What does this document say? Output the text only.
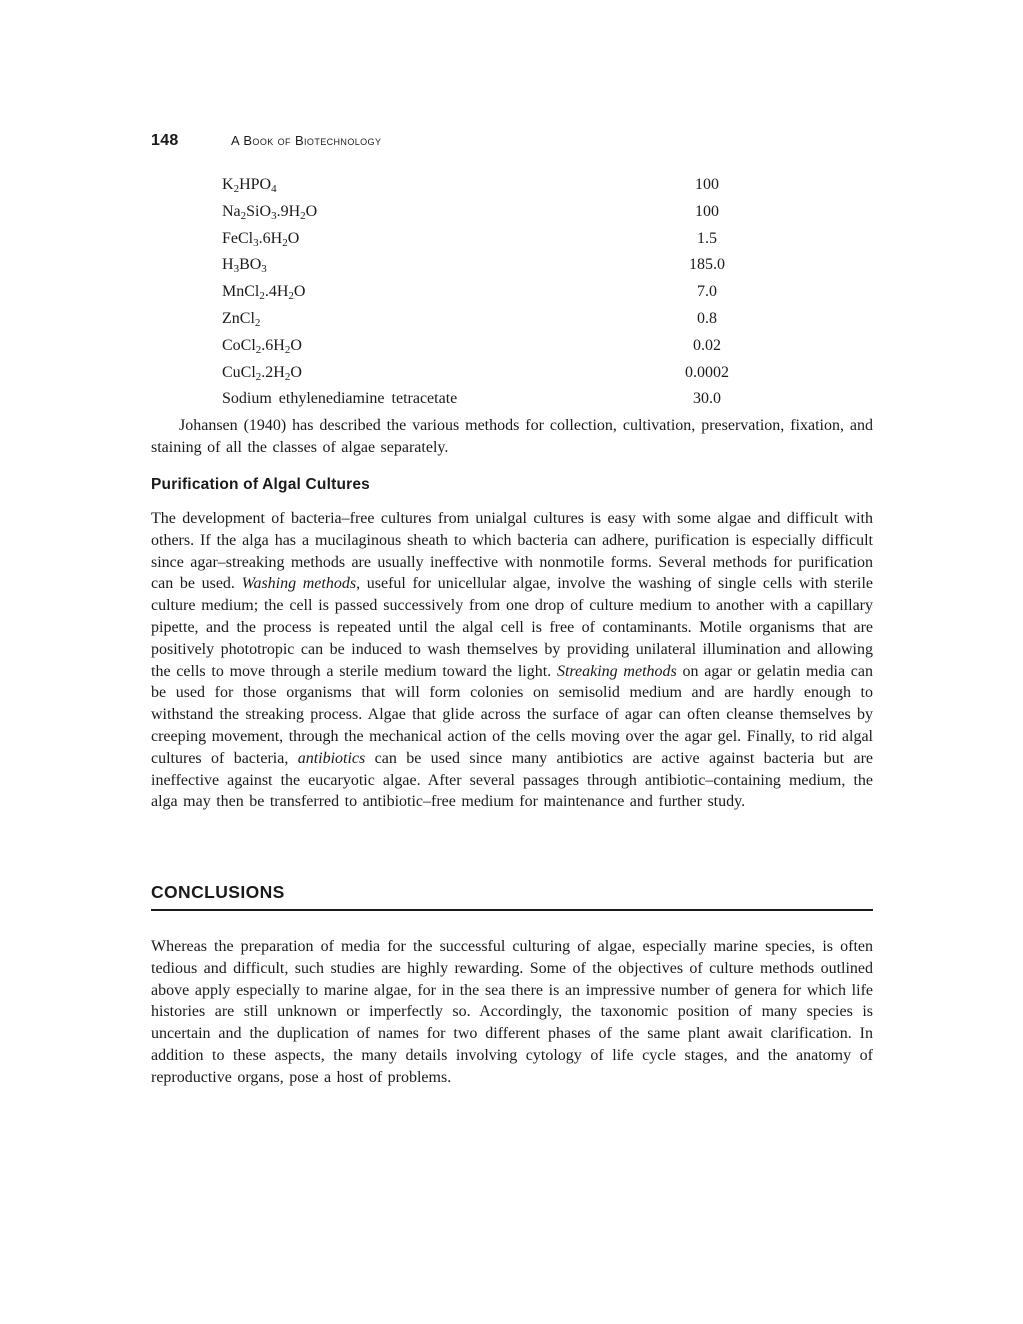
148	A Book of Biotechnology
$K_2HPO_4$	100
$Na_2SiO_3.9H_2O$	100
$FeCl_3.6H_2O$	1.5
$H_3BO_3$	185.0
$MnCl_2.4H_2O$	7.0
ZnCl$_2$	0.8
$CoCl_2.6H_2O$	0.02
$CuCl_2.2H_2O$	0.0002
Sodium ethylenediamine tetracetate	30.0

Johansen (1940) has described the various methods for collection, cultivation, preservation, fixation, and staining of all the classes of algae separately.

Purification of Algal Cultures

The development of bacteria–free cultures from unialgal cultures is easy with some algae and difficult with others. If the alga has a mucilaginous sheath to which bacteria can adhere, purification is especially difficult since agar–streaking methods are usually ineffective with nonmotile forms. Several methods for purification can be used. Washing methods, useful for unicellular algae, involve the washing of single cells with sterile culture medium; the cell is passed successively from one drop of culture medium to another with a capillary pipette, and the process is repeated until the algal cell is free of contaminants. Motile organisms that are positively phototropic can be induced to wash themselves by providing unilateral illumination and allowing the cells to move through a sterile medium toward the light. Streaking methods on agar or gelatin media can be used for those organisms that will form colonies on semisolid medium and are hardly enough to withstand the streaking process. Algae that glide across the surface of agar can often cleanse themselves by creeping movement, through the mechanical action of the cells moving over the agar gel. Finally, to rid algal cultures of bacteria, antibiotics can be used since many antibiotics are active against bacteria but are ineffective against the eucaryotic algae. After several passages through antibiotic–containing medium, the alga may then be transferred to antibiotic–free medium for maintenance and further study.

CONCLUSIONS

Whereas the preparation of media for the successful culturing of algae, especially marine species, is often tedious and difficult, such studies are highly rewarding. Some of the objectives of culture methods outlined above apply especially to marine algae, for in the sea there is an impressive number of genera for which life histories are still unknown or imperfectly so. Accordingly, the taxonomic position of many species is uncertain and the duplication of names for two different phases of the same plant await clarification. In addition to these aspects, the many details involving cytology of life cycle stages, and the anatomy of reproductive organs, pose a host of problems.
